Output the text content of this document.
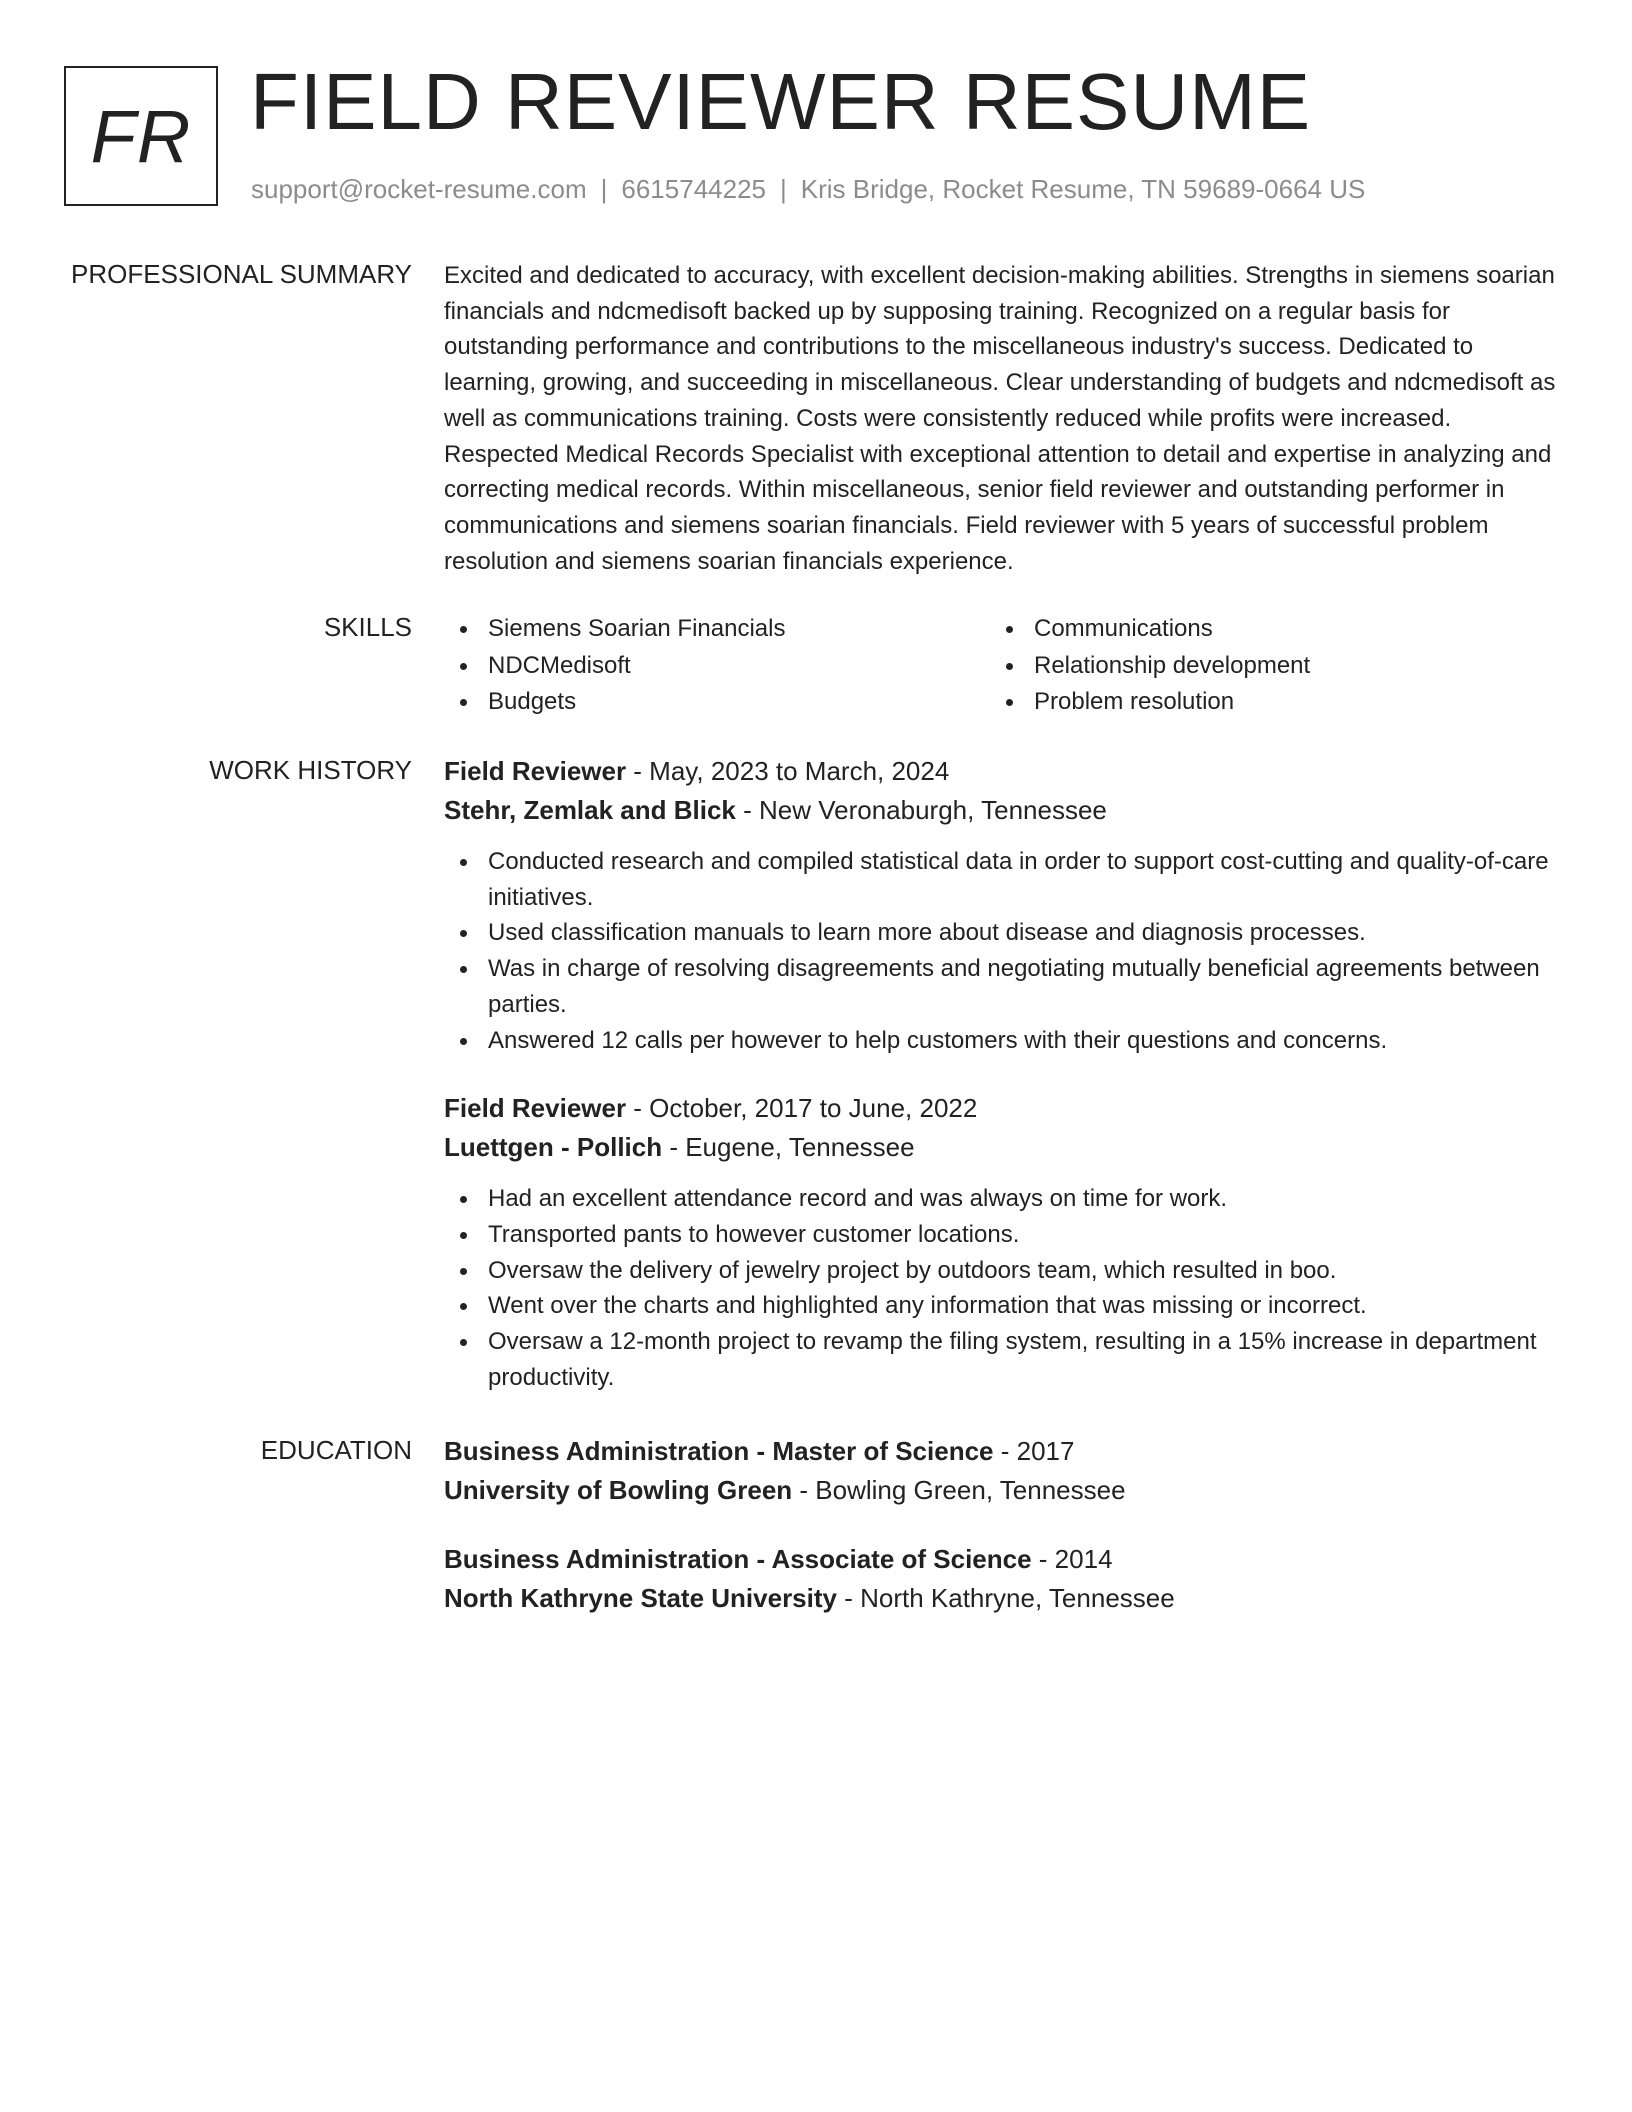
FR FIELD REVIEWER RESUME
support@rocket-resume.com | 6615744225 | Kris Bridge, Rocket Resume, TN 59689-0664 US
PROFESSIONAL SUMMARY Excited and dedicated to accuracy, with excellent decision-making abilities. Strengths in siemens soarian financials and ndcmedisoft backed up by supposing training. Recognized on a regular basis for outstanding performance and contributions to the miscellaneous industry's success. Dedicated to learning, growing, and succeeding in miscellaneous. Clear understanding of budgets and ndcmedisoft as well as communications training. Costs were consistently reduced while profits were increased. Respected Medical Records Specialist with exceptional attention to detail and expertise in analyzing and correcting medical records. Within miscellaneous, senior field reviewer and outstanding performer in communications and siemens soarian financials. Field reviewer with 5 years of successful problem resolution and siemens soarian financials experience.

SKILLS	Siemens Soarian Financials
NDCMedisoft
Budgets
Communications
Relationship development
Problem resolution
WORK HISTORY Field Reviewer - May, 2023 to March, 2024

Stehr, Zemlak and Blick - New Veronaburgh, Tennessee

Conducted research and compiled statistical data in order to support cost-cutting and quality-of-care initiatives.
Used classification manuals to learn more about disease and diagnosis processes.
Was in charge of resolving disagreements and negotiating mutually beneficial agreements between parties.
Answered 12 calls per however to help customers with their questions and concerns.

Field Reviewer - October, 2017 to June, 2022

Luettgen - Pollich - Eugene, Tennessee

Had an excellent attendance record and was always on time for work.
Transported pants to however customer locations.
Oversaw the delivery of jewelry project by outdoors team, which resulted in boo.
Went over the charts and highlighted any information that was missing or incorrect.
Oversaw a 12-month project to revamp the filing system, resulting in a 15% increase in department productivity.
EDUCATION Business Administration - Master of Science - 2017

University of Bowling Green - Bowling Green, Tennessee

Business Administration - Associate of Science - 2014

North Kathryne State University - North Kathryne, Tennessee
